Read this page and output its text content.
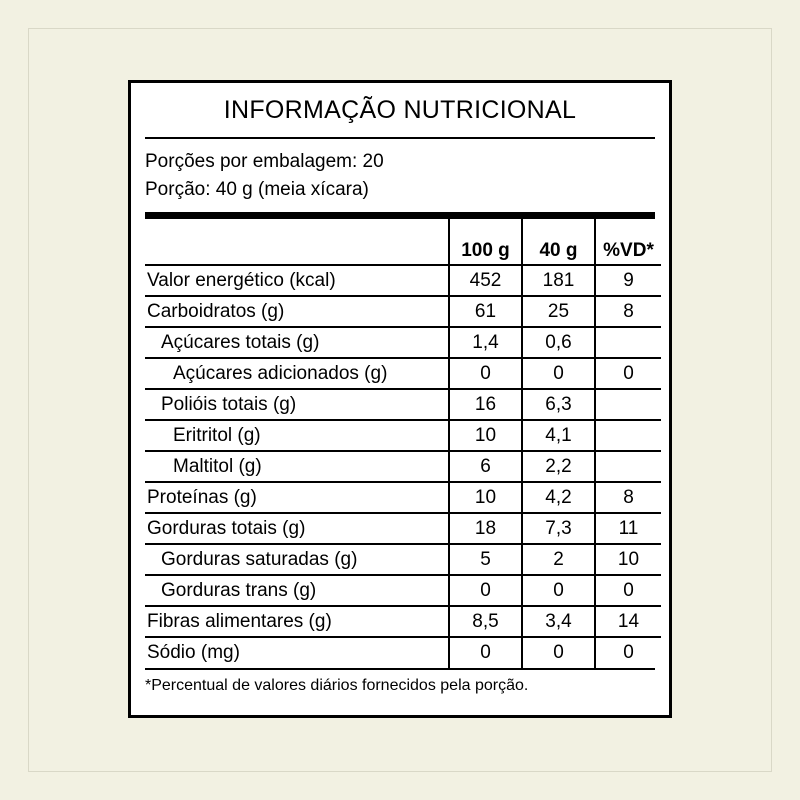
INFORMAÇÃO NUTRICIONAL
Porções por embalagem: 20
Porção: 40 g (meia xícara)
	100 g	40 g	%VD*
Valor energético (kcal)	452	181	9
Carboidratos (g)	61	25	8
Açúcares totais (g)	1,4	0,6	
Açúcares adicionados (g)	0	0	0
Polióis totais (g)	16	6,3	
Eritritol (g)	10	4,1	
Maltitol (g)	6	2,2	
Proteínas (g)	10	4,2	8
Gorduras totais (g)	18	7,3	11
Gorduras saturadas (g)	5	2	10
Gorduras trans (g)	0	0	0
Fibras alimentares (g)	8,5	3,4	14
Sódio (mg)	0	0	0
*Percentual de valores diários fornecidos pela porção.
